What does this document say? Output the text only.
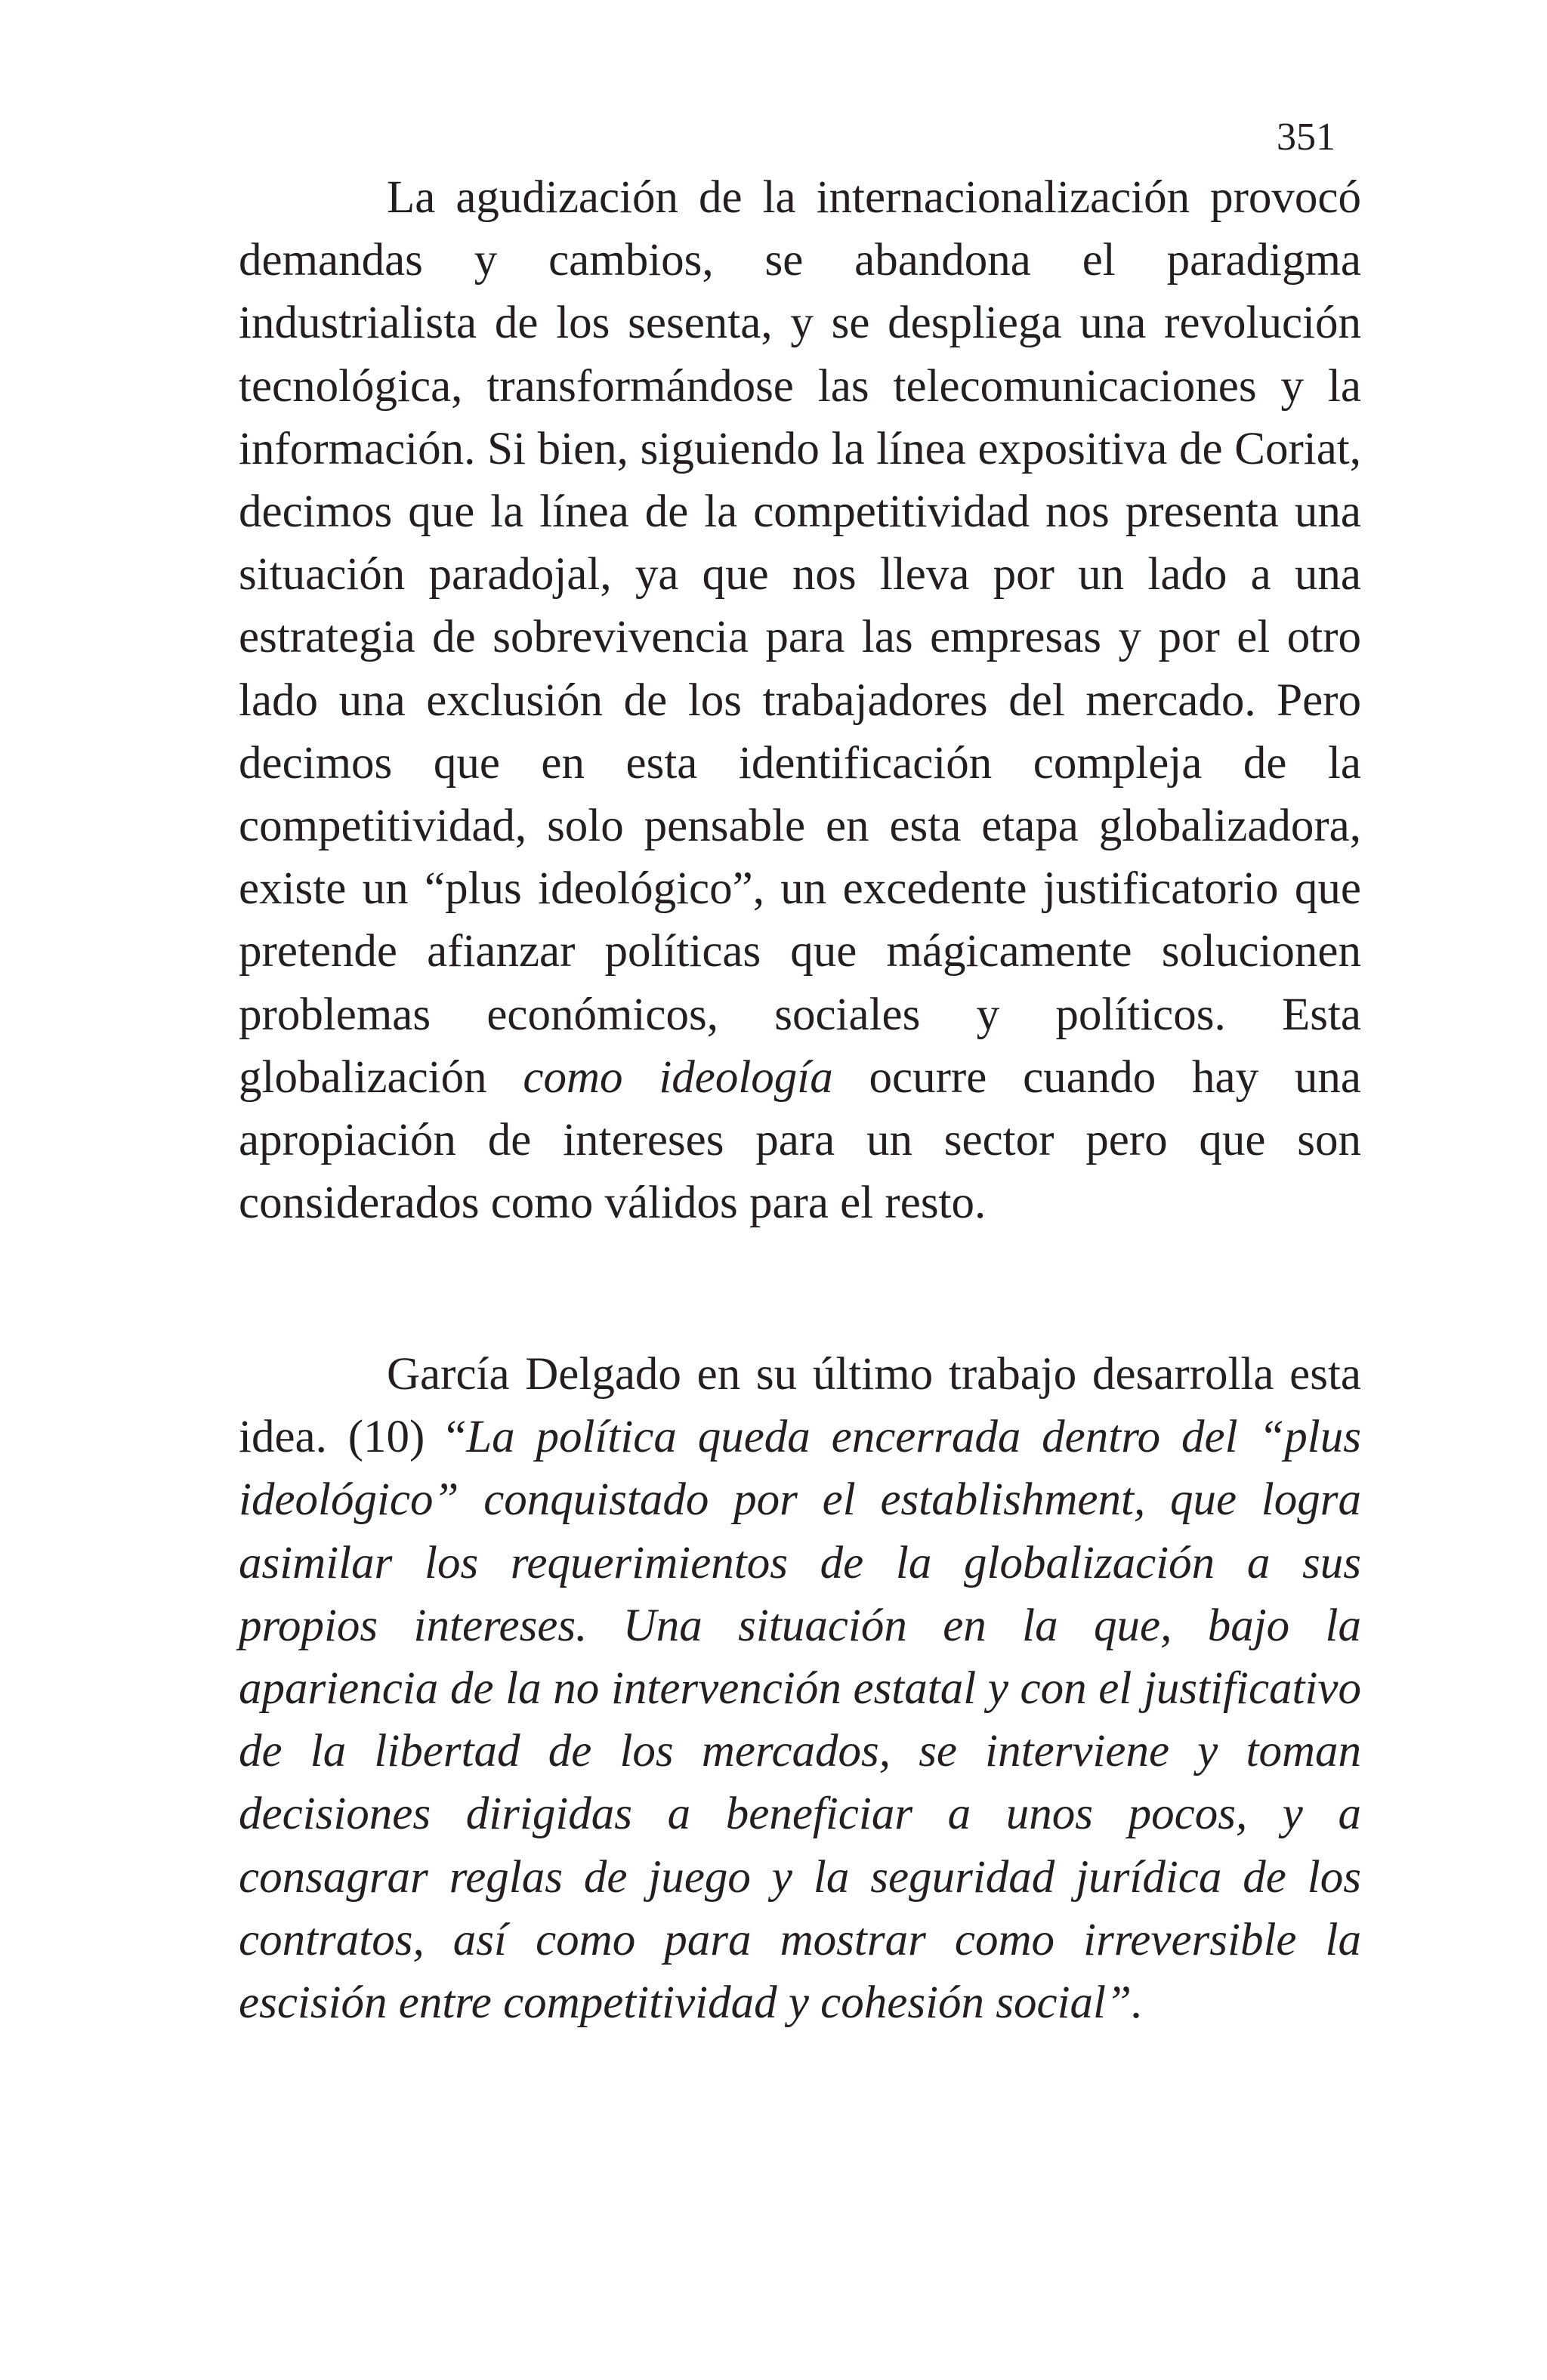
351

La agudización de la internacionalización provocó demandas y cambios, se abandona el paradigma industrialista de los sesenta, y se despliega una revolución tecnológica, transformándose las telecomunicaciones y la información. Si bien, siguiendo la línea expositiva de Coriat, decimos que la línea de la competitividad nos presenta una situación paradojal, ya que nos lleva por un lado a una estrategia de sobrevivencia para las empresas y por el otro lado una exclusión de los trabajadores del mercado. Pero decimos que en esta identificación compleja de la competitividad, solo pensable en esta etapa globalizadora, existe un “plus ideológico”, un excedente justificatorio que pretende afianzar políticas que mágicamente solucionen problemas económicos, sociales y políticos. Esta globalización como ideología ocurre cuando hay una apropiación de intereses para un sector pero que son considerados como válidos para el resto.

García Delgado en su último trabajo desarrolla esta idea. (10) “La política queda encerrada dentro del “plus ideológico” conquistado por el establishment, que logra asimilar los requerimientos de la globalización a sus propios intereses. Una situación en la que, bajo la apariencia de la no intervención estatal y con el justificativo de la libertad de los mercados, se interviene y toman decisiones dirigidas a beneficiar a unos pocos, y a consagrar reglas de juego y la seguridad jurídica de los contratos, así como para mostrar como irreversible la escisión entre competitividad y cohesión social”.
